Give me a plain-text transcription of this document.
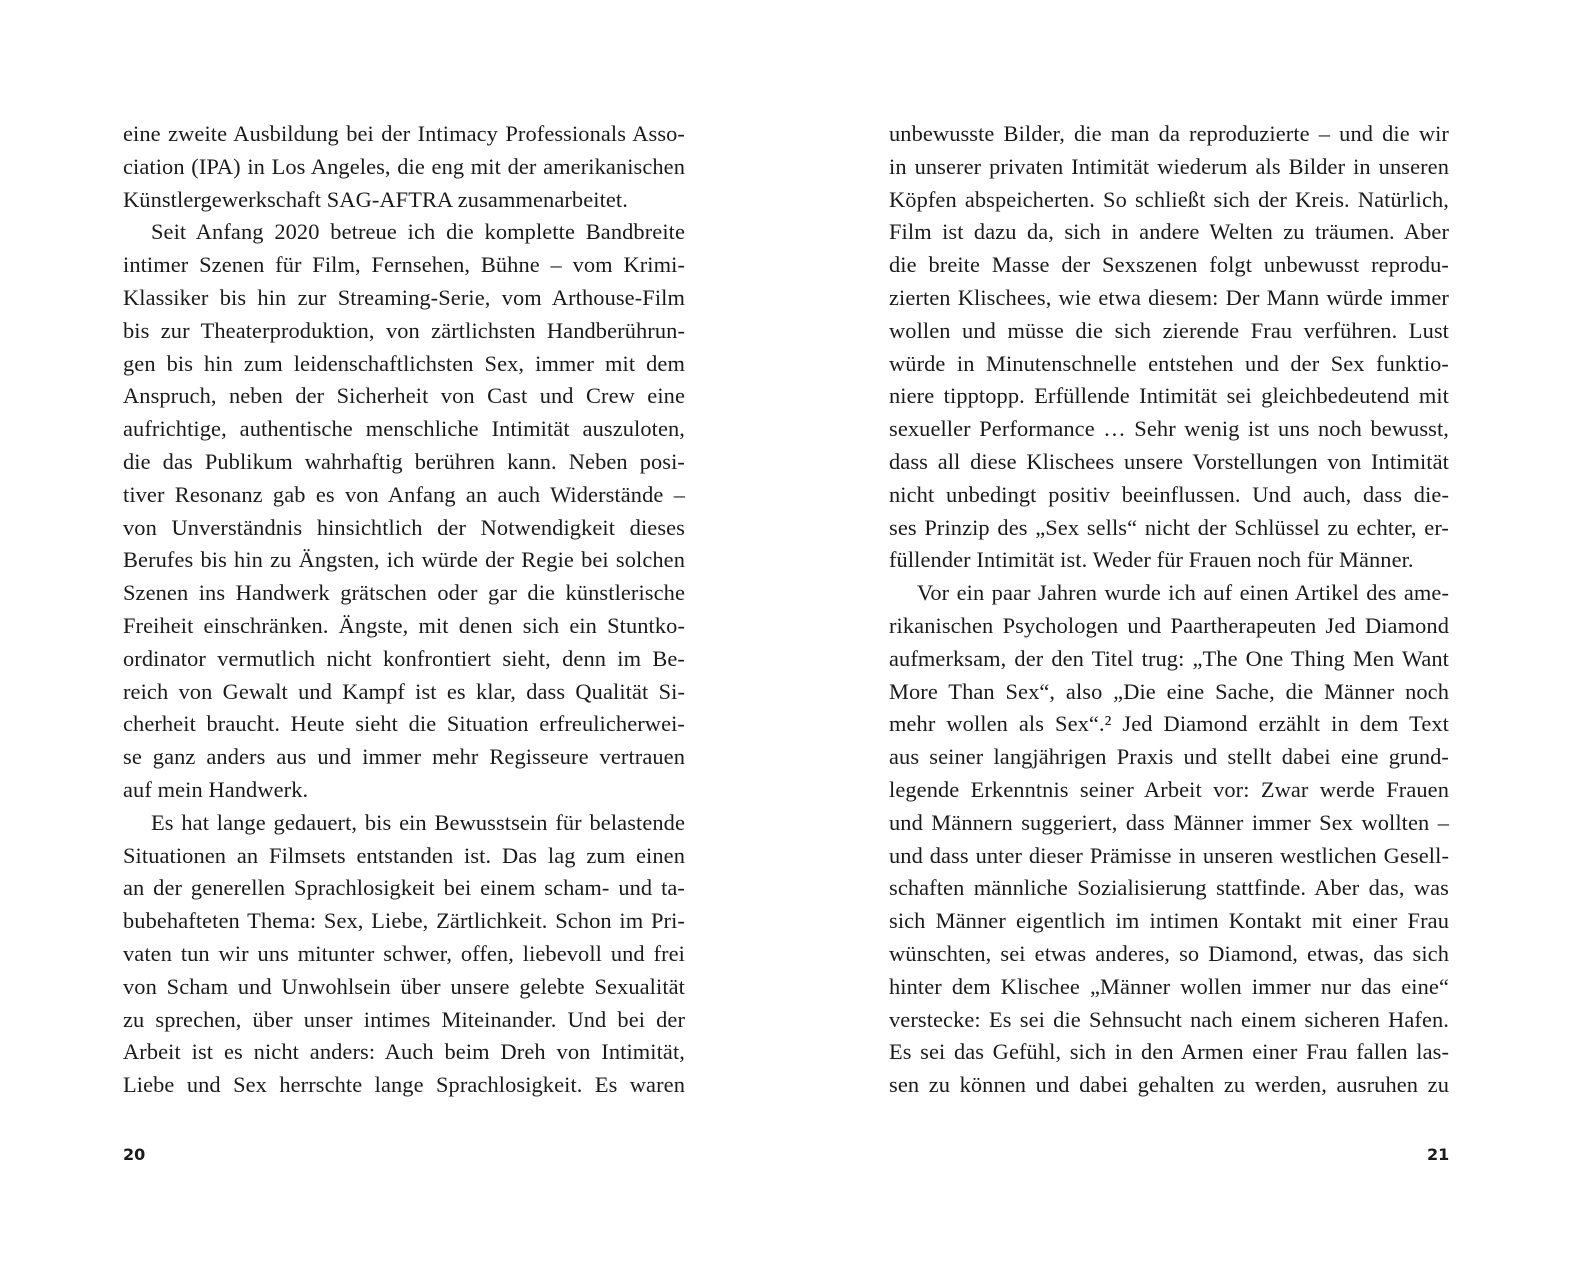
eine zweite Ausbildung bei der Intimacy Professionals Asso-
ciation (IPA) in Los Angeles, die eng mit der amerikanischen
Künstlergewerkschaft SAG-AFTRA zusammenarbeitet.
Seit Anfang 2020 betreue ich die komplette Bandbreite
intimer Szenen für Film, Fernsehen, Bühne – vom Krimi-
Klassiker bis hin zur Streaming-Serie, vom Arthouse-Film
bis zur Theaterproduktion, von zärtlichsten Handberührun-
gen bis hin zum leidenschaftlichsten Sex, immer mit dem
Anspruch, neben der Sicherheit von Cast und Crew eine
aufrichtige, authentische menschliche Intimität auszuloten,
die das Publikum wahrhaftig berühren kann. Neben posi-
tiver Resonanz gab es von Anfang an auch Widerstände –
von Unverständnis hinsichtlich der Notwendigkeit dieses
Berufes bis hin zu Ängsten, ich würde der Regie bei solchen
Szenen ins Handwerk grätschen oder gar die künstlerische
Freiheit einschränken. Ängste, mit denen sich ein Stuntko-
ordinator vermutlich nicht konfrontiert sieht, denn im Be-
reich von Gewalt und Kampf ist es klar, dass Qualität Si-
cherheit braucht. Heute sieht die Situation erfreulicherwei-
se ganz anders aus und immer mehr Regisseure vertrauen
auf mein Handwerk.
Es hat lange gedauert, bis ein Bewusstsein für belastende
Situationen an Filmsets entstanden ist. Das lag zum einen
an der generellen Sprachlosigkeit bei einem scham- und ta-
bubehafteten Thema: Sex, Liebe, Zärtlichkeit. Schon im Pri-
vaten tun wir uns mitunter schwer, offen, liebevoll und frei
von Scham und Unwohlsein über unsere gelebte Sexualität
zu sprechen, über unser intimes Miteinander. Und bei der
Arbeit ist es nicht anders: Auch beim Dreh von Intimität,
Liebe und Sex herrschte lange Sprachlosigkeit. Es waren
20
unbewusste Bilder, die man da reproduzierte – und die wir
in unserer privaten Intimität wiederum als Bilder in unseren
Köpfen abspeicherten. So schließt sich der Kreis. Natürlich,
Film ist dazu da, sich in andere Welten zu träumen. Aber
die breite Masse der Sexszenen folgt unbewusst reprodu-
zierten Klischees, wie etwa diesem: Der Mann würde immer
wollen und müsse die sich zierende Frau verführen. Lust
würde in Minutenschnelle entstehen und der Sex funktio-
niere tipptopp. Erfüllende Intimität sei gleichbedeutend mit
sexueller Performance … Sehr wenig ist uns noch bewusst,
dass all diese Klischees unsere Vorstellungen von Intimität
nicht unbedingt positiv beeinflussen. Und auch, dass die-
ses Prinzip des „Sex sells“ nicht der Schlüssel zu echter, er-
füllender Intimität ist. Weder für Frauen noch für Männer.
Vor ein paar Jahren wurde ich auf einen Artikel des ame-
rikanischen Psychologen und Paartherapeuten Jed Diamond
aufmerksam, der den Titel trug: „The One Thing Men Want
More Than Sex“, also „Die eine Sache, die Männer noch
mehr wollen als Sex“.² Jed Diamond erzählt in dem Text
aus seiner langjährigen Praxis und stellt dabei eine grund-
legende Erkenntnis seiner Arbeit vor: Zwar werde Frauen
und Männern suggeriert, dass Männer immer Sex wollten –
und dass unter dieser Prämisse in unseren westlichen Gesell-
schaften männliche Sozialisierung stattfinde. Aber das, was
sich Männer eigentlich im intimen Kontakt mit einer Frau
wünschten, sei etwas anderes, so Diamond, etwas, das sich
hinter dem Klischee „Männer wollen immer nur das eine“
verstecke: Es sei die Sehnsucht nach einem sicheren Hafen.
Es sei das Gefühl, sich in den Armen einer Frau fallen las-
sen zu können und dabei gehalten zu werden, ausruhen zu
21
